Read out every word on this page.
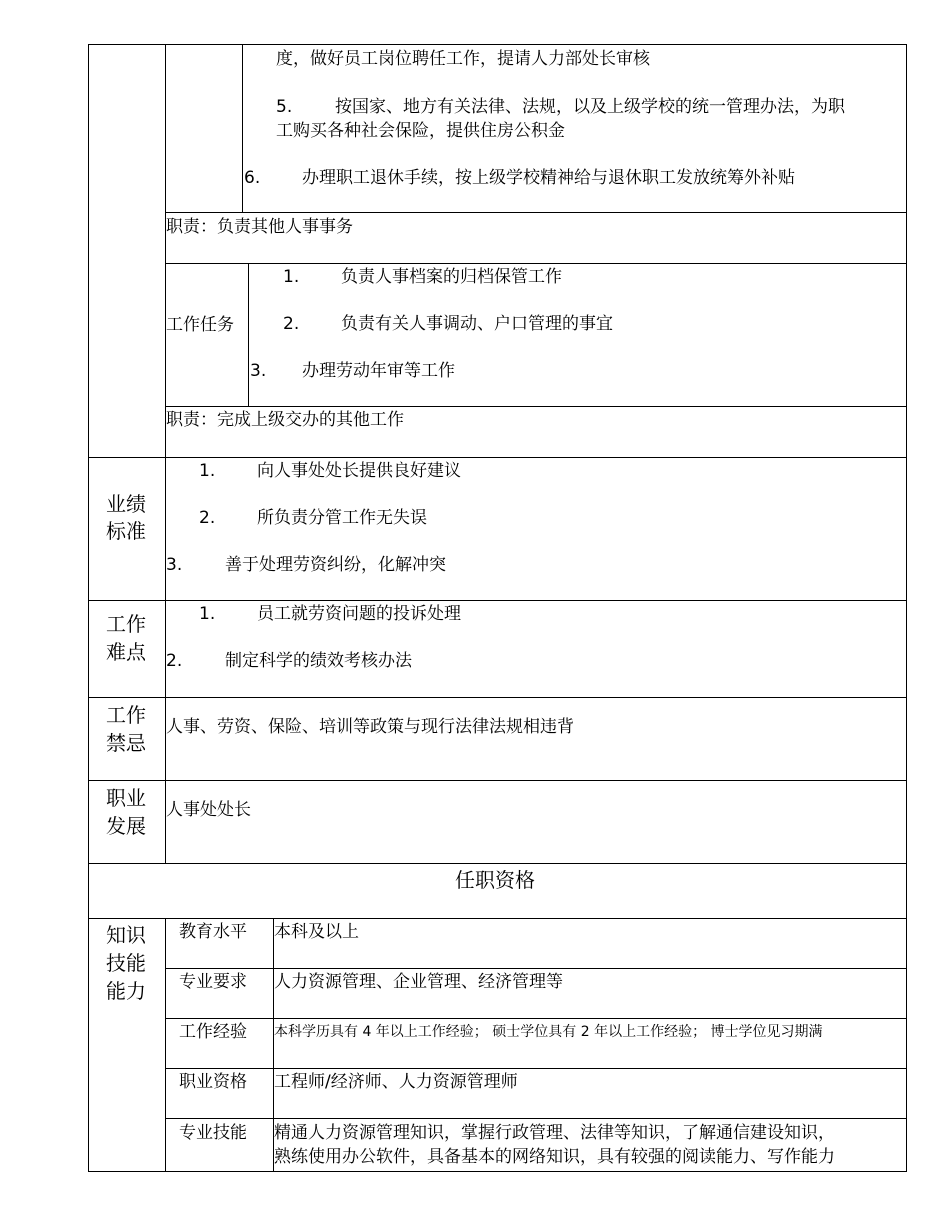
度，做好员工岗位聘任工作，提请人力部处长审核
5.	按国家、地方有关法律、法规，以及上级学校的统一管理办法，为职
工购买各种社会保险，提供住房公积金
6. 办理职工退休手续，按上级学校精神给与退休职工发放统筹外补贴
职责：负责其他人事事务
工作任务
1. 负责人事档案的归档保管工作
2. 负责有关人事调动、户口管理的事宜
3. 办理劳动年审等工作
职责：完成上级交办的其他工作
业绩
标准
1. 向人事处处长提供良好建议
2. 所负责分管工作无失误
3.	善于处理劳资纠纷，化解冲突
工作
难点
1. 员工就劳资问题的投诉处理
2.	制定科学的绩效考核办法
工作
禁忌
人事、劳资、保险、培训等政策与现行法律法规相违背
职业
发展
人事处处长
任职资格
知识
技能
能力
教育水平 本科及以上
专业要求 人力资源管理、企业管理、经济管理等
工作经验 本科学历具有 4 年以上工作经验； 硕士学位具有 2 年以上工作经验； 博士学位见习期满
职业资格 工程师/经济师、人力资源管理师
专业技能 精通人力资源管理知识，掌握行政管理、法律等知识，了解通信建设知识，
熟练使用办公软件，具备基本的网络知识，具有较强的阅读能力、写作能力
